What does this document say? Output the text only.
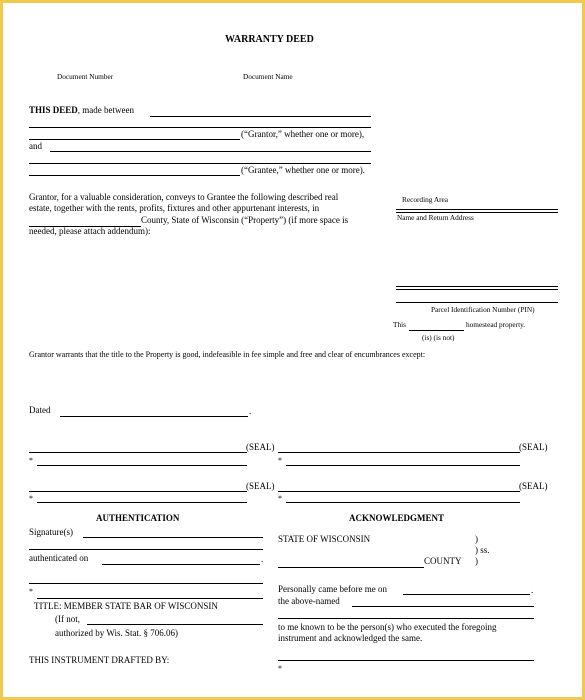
WARRANTY DEED
Document Number	Document Name
THIS DEED, made between
(“Grantor,” whether one or more),
and
(“Grantee,” whether one or more).
Grantor, for a valuable consideration, conveys to Grantee the following described real
estate, together with the rents, profits, fixtures and other appurtenant interests, in
County, State of Wisconsin (“Property”) (if more space is
needed, please attach addendum):
Recording Area
Name and Return Address
Parcel Identification Number (PIN)
This	homestead property.
(is) (is not)
Grantor warrants that the title to the Property is good, indefeasible in fee simple and free and clear of encumbrances except:
Dated	.
(SEAL)
*
(SEAL)
*
(SEAL)
*
(SEAL)
*
AUTHENTICATION
Signature(s)
authenticated on	.
*
TITLE: MEMBER STATE BAR OF WISCONSIN
(If not,
authorized by Wis. Stat. § 706.06)
ACKNOWLEDGMENT
STATE OF WISCONSIN	)
) ss.
COUNTY )
Personally came before me on	.
the above-named
to me known to be the person(s) who executed the foregoing
instrument and acknowledged the same.
*
THIS INSTRUMENT DRAFTED BY:
